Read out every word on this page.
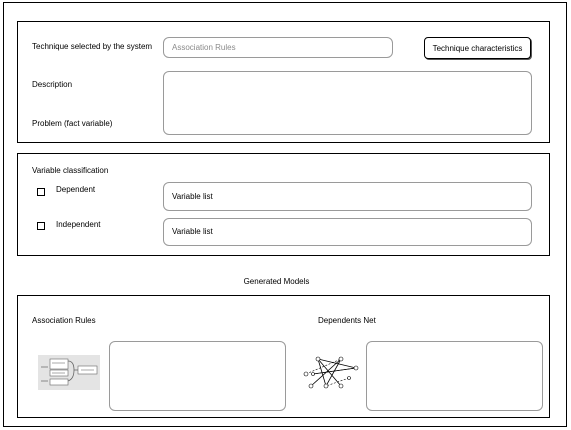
Technique selected by the system Association Rules	Technique characteristics
Description
Problem (fact variable)
Variable classification
Dependent
Variable list
Independent
Variable list
Generated Models
Association Rules	Dependents Net
